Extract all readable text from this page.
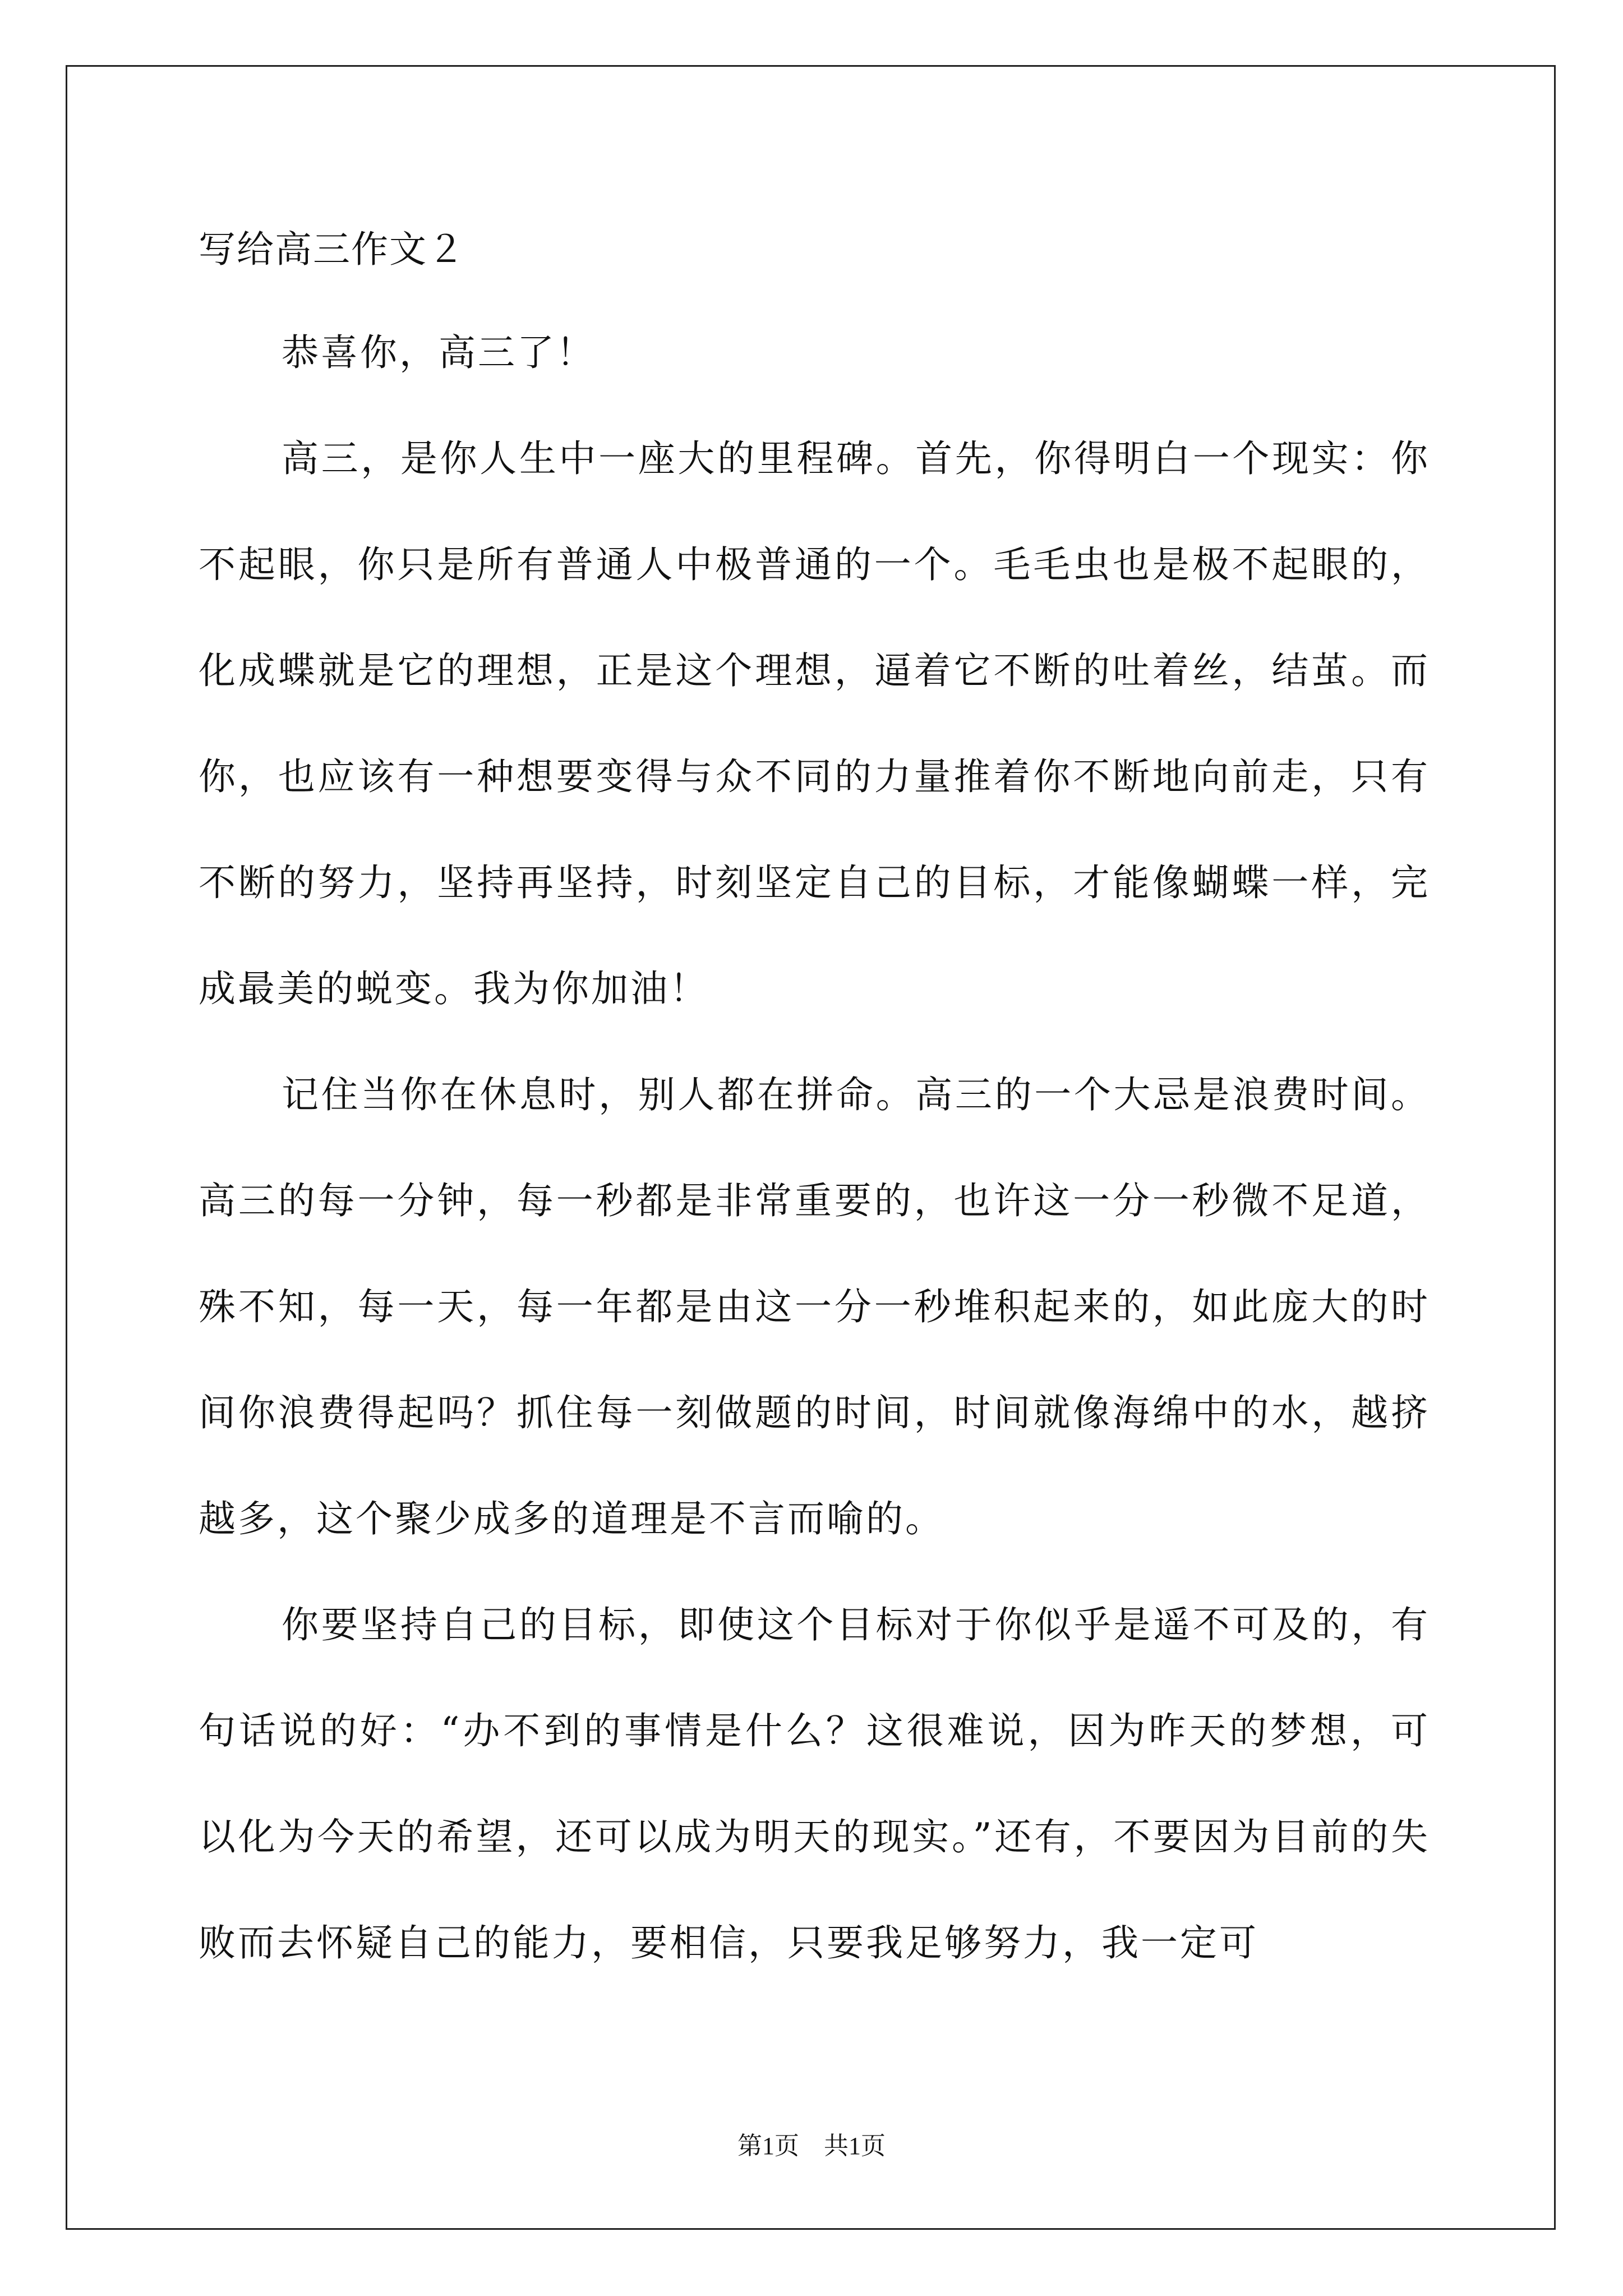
写给高三作文２

恭喜你，高三了！

高三，是你人生中一座大的里程碑。首先，你得明白一个现实：你不起眼，你只是所有普通人中极普通的一个。毛毛虫也是极不起眼的，化成蝶就是它的理想，正是这个理想，逼着它不断的吐着丝，结茧。而你，也应该有一种想要变得与众不同的力量推着你不断地向前走，只有不断的努力，坚持再坚持，时刻坚定自己的目标，才能像蝴蝶一样，完成最美的蜕变。我为你加油！

记住当你在休息时，别人都在拼命。高三的一个大忌是浪费时间。高三的每一分钟，每一秒都是非常重要的，也许这一分一秒微不足道，殊不知，每一天，每一年都是由这一分一秒堆积起来的，如此庞大的时间你浪费得起吗？抓住每一刻做题的时间，时间就像海绵中的水，越挤越多，这个聚少成多的道理是不言而喻的。

你要坚持自己的目标，即使这个目标对于你似乎是遥不可及的，有句话说的好：“办不到的事情是什么？这很难说，因为昨天的梦想，可以化为今天的希望，还可以成为明天的现实。”还有，不要因为目前的失败而去怀疑自己的能力，要相信，只要我足够努力，我一定可

第1页　共1页
